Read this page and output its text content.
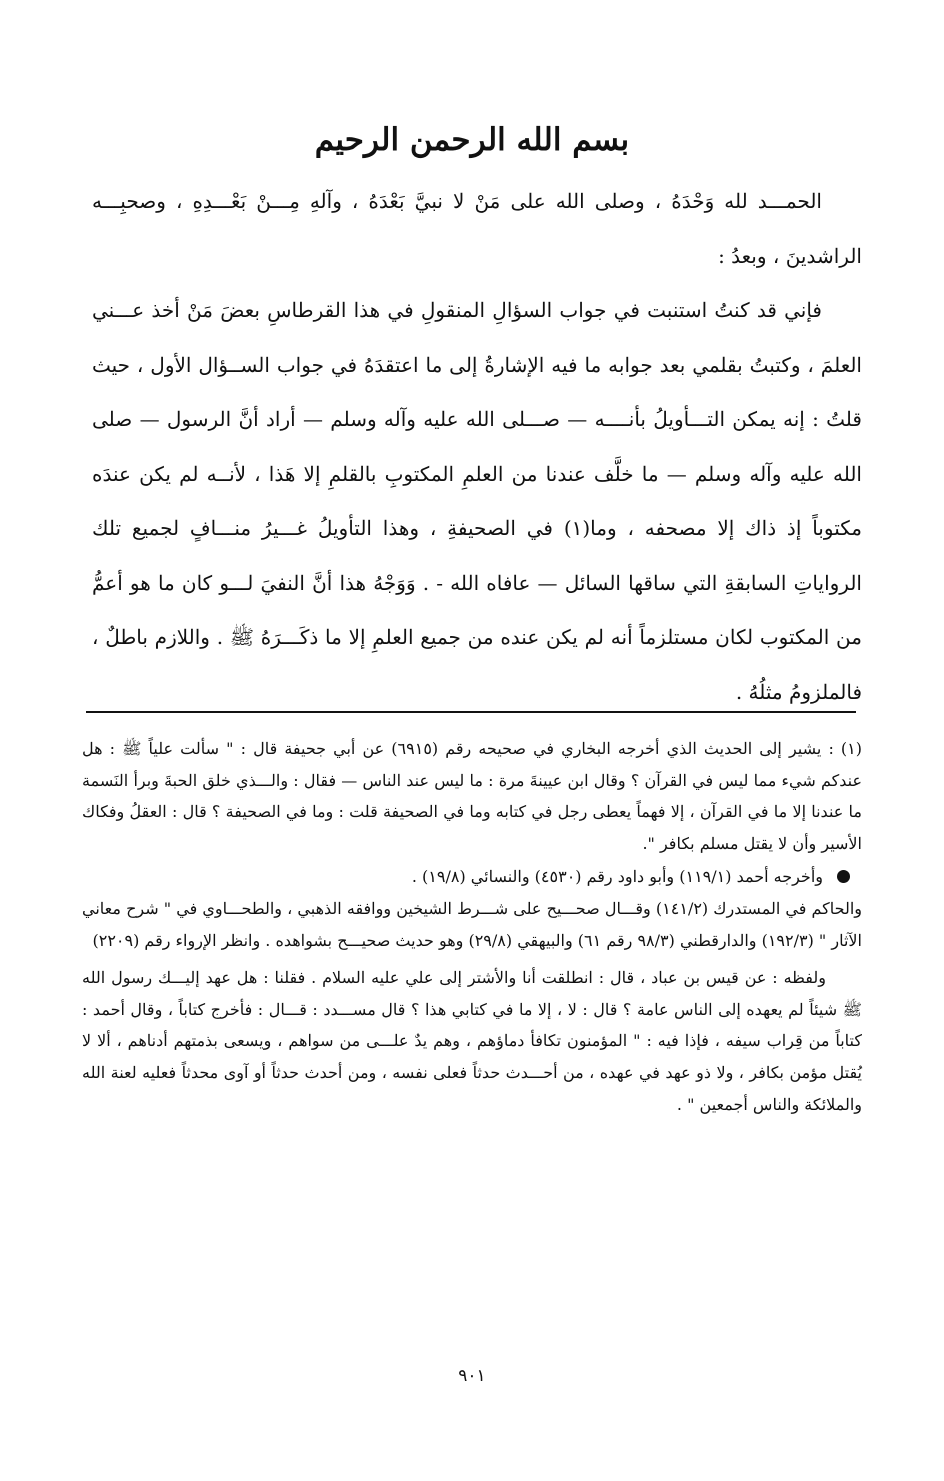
بسم الله الرحمن الرحيم

الحمـــد لله وَحْدَهُ ، وصلى الله على مَنْ لا نبيَّ بَعْدَهُ ، وآلهِ مِـــنْ بَعْـــدِهِ ، وصحبِـــه الراشدينَ ، وبعدُ :

فإني قد كنتُ استنبت في جواب السؤالِ المنقولِ في هذا القرطاسِ بعضَ مَنْ أخذ عـــني العلمَ ، وكتبتُ بقلمي بعد جوابه ما فيه الإشارةُ إلى ما اعتقدَهُ في جواب الســؤال الأول ، حيث قلتُ : إنه يمكن التـــأويلُ بأنــــه — صـــلى الله عليه وآله وسلم — أراد أنَّ الرسول — صلى الله عليه وآله وسلم — ما خلَّف عندنا من العلمِ المكتوبِ بالقلمِ إلا هَذا ، لأنــه لم يكن عندَه مكتوباً إذ ذاك إلا مصحفه ، وما(١) في الصحيفةِ ، وهذا التأويلُ غـــيرُ منـــافٍ لجميع تلك الرواياتِ السابقةِ التي ساقها السائل — عافاه الله - . وَوَجْهُ هذا أنَّ النفيَ لـــو كان ما هو أعمُّ من المكتوب لكان مستلزماً أنه لم يكن عنده من جميع العلمِ إلا ما ذكَـــرَهُ ﷺ . واللازم باطلٌ ، فالملزومُ مثلُهُ .

(١) : يشير إلى الحديث الذي أخرجه البخاري في صحيحه رقم (٦٩١٥) عن أبي جحيفة قال : " سألت علياً ﷺ : هل عندكم شيء مما ليس في القرآن ؟ وقال ابن عيينةَ مرة : ما ليس عند الناس — فقال : والـــذي خلق الحبةَ وبرأ النَسمة ما عندنا إلا ما في القرآن ، إلا فهماً يعطى رجل في كتابه وما في الصحيفة قلت : وما في الصحيفة ؟ قال : العقلُ وفكاك الأسير وأن لا يقتل مسلم بكافر ".

وأخرجه أحمد (١١٩/١) وأبو داود رقم (٤٥٣٠) والنسائي (١٩/٨) .

والحاكم في المستدرك (١٤١/٢) وقـــال صحـــيح على شـــرط الشيخين ووافقه الذهبي ، والطحـــاوي في " شرح معاني الآثار " (١٩٢/٣) والدارقطني (٩٨/٣ رقم ٦١) والبيهقي (٢٩/٨) وهو حديث صحيـــح بشواهده . وانظر الإرواء رقم (٢٢٠٩)

ولفظه : عن قيس بن عباد ، قال : انطلقت أنا والأشتر إلى علي عليه السلام . فقلنا : هل عهد إليـــك رسول الله ﷺ شيئاً لم يعهده إلى الناس عامة ؟ قال : لا ، إلا ما في كتابي هذا ؟ قال مســـدد : قـــال : فأخرج كتاباً ، وقال أحمد : كتاباً من قِراب سيفه ، فإذا فيه : " المؤمنون تكافأ دماؤهم ، وهم يدٌ علـــى من سواهم ، ويسعى بذمتهم أدناهم ، ألا لا يُقتل مؤمن بكافر ، ولا ذو عهد في عهده ، من أحـــدث حدثاً فعلى نفسه ، ومن أحدث حدثاً أو آوى محدثاً فعليه لعنة الله والملائكة والناس أجمعين " .

٩٠١
